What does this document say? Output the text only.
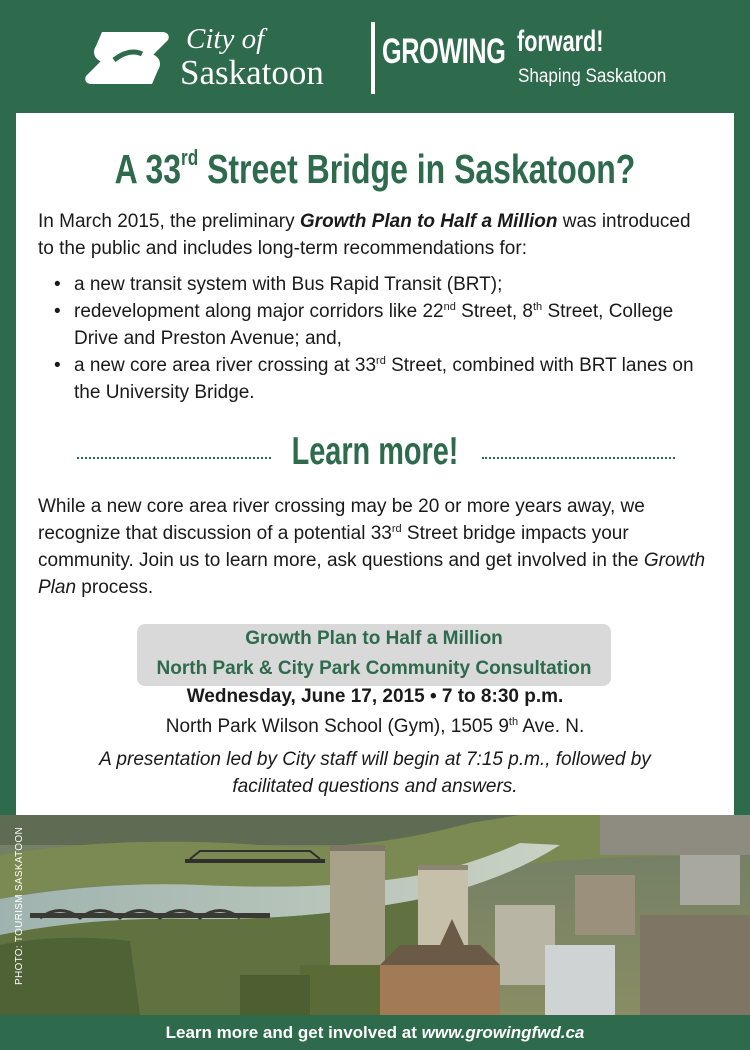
City of
Saskatoon
GROWING forward!
Shaping Saskatoon
A 33rd Street Bridge in Saskatoon?

In March 2015, the preliminary Growth Plan to Half a Million was introduced to the public and includes long-term recommendations for:

• a new transit system with Bus Rapid Transit (BRT);
• redevelopment along major corridors like 22nd Street, 8th Street, College Drive and Preston Avenue; and,
• a new core area river crossing at 33rd Street, combined with BRT lanes on the University Bridge.
Learn more!

While a new core area river crossing may be 20 or more years away, we recognize that discussion of a potential 33rd Street bridge impacts your community. Join us to learn more, ask questions and get involved in the Growth Plan process.

Growth Plan to Half a Million
North Park & City Park Community Consultation
Wednesday, June 17, 2015 • 7 to 8:30 p.m.
North Park Wilson School (Gym), 1505 9th Ave. N.

A presentation led by City staff will begin at 7:15 p.m., followed by facilitated questions and answers.

PHOTO: TOURISM SASKATOON
Learn more and get involved at www.growingfwd.ca
